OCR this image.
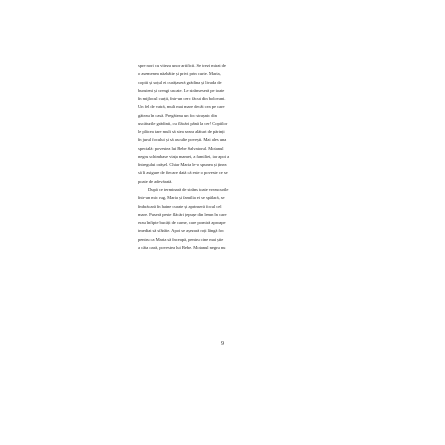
spre nori cu viteza unor artificii. Se trezi mirat de
o asemenea năzbâtie și privi prin curte. Maria,
copiii și soțul ei curățaseră grădina și livada de
buruieni și crengi uscate. Le strânseseră pe toate
în mijlocul curții, într-un cerc făcut din bolovani.
Un fel de vatră, mult mai mare decât cea pe care
găteau în casă. Pregăteau un foc strașnic din
uscăturile grădinii, cu flăcări până la cer! Copiilor
le plăcea tare mult să stea seara alături de părinți
în jurul focului și să asculte povești. Mai ales una
specială: povestea lui Bebe Salvatorul. Motanul
negru schimbase viața mamei, a familiei, iar apoi a
întregului orășel. Chiar Maria le-o spunea și ținea
să îi asigure de fiecare dată că este o poveste ce se
poate de adevărată.
După ce terminară de strâns toate vreascurile
într-un mic rug, Maria și familia ei se spălară, se
îmbrăcară în haine curate și aprinseră focul cel
mare. Puseră peste flăcări țepușe din lemn în care
erau înfipte bucăți de carne, care porniră aproape
imediat să sfârâie. Apoi se așezară roți lângă foc
pentru ca Maria să înceapă, pentru cine mai știe
a câta oară, povestea lui Bebe. Motanul negru nu
9
